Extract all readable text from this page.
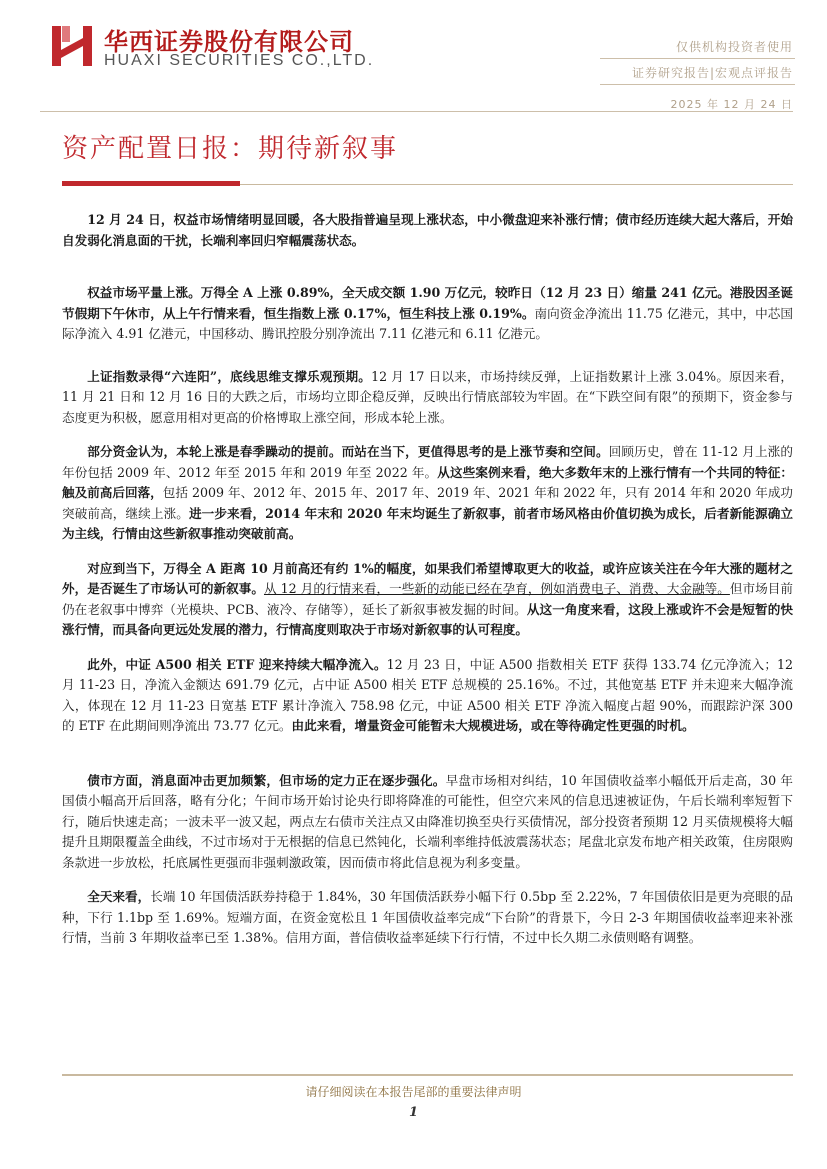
华西证券股份有限公司
HUAXI SECURITIES CO.,LTD.
仅供机构投资者使用
证券研究报告|宏观点评报告
2025 年 12 月 24 日
资产配置日报：期待新叙事

12 月 24 日，权益市场情绪明显回暖，各大股指普遍呈现上涨状态，中小微盘迎来补涨行情；债市经历连续大起大落后，开始自发弱化消息面的干扰，长端利率回归窄幅震荡状态。

权益市场平量上涨。万得全 A 上涨 0.89%，全天成交额 1.90 万亿元，较昨日（12 月 23 日）缩量 241 亿元。港股因圣诞节假期下午休市，从上午行情来看，恒生指数上涨 0.17%，恒生科技上涨 0.19%。南向资金净流出 11.75 亿港元，其中，中芯国际净流入 4.91 亿港元，中国移动、腾讯控股分别净流出 7.11 亿港元和 6.11 亿港元。

上证指数录得“六连阳”，底线思维支撑乐观预期。12 月 17 日以来，市场持续反弹，上证指数累计上涨 3.04%。原因来看，11 月 21 日和 12 月 16 日的大跌之后，市场均立即企稳反弹，反映出行情底部较为牢固。在“下跌空间有限”的预期下，资金参与态度更为积极，愿意用相对更高的价格博取上涨空间，形成本轮上涨。

部分资金认为，本轮上涨是春季躁动的提前。而站在当下，更值得思考的是上涨节奏和空间。回顾历史，曾在 11-12 月上涨的年份包括 2009 年、2012 年至 2015 年和 2019 年至 2022 年。从这些案例来看，绝大多数年末的上涨行情有一个共同的特征：触及前高后回落，包括 2009 年、2012 年、2015 年、2017 年、2019 年、2021 年和 2022 年，只有 2014 年和 2020 年成功突破前高，继续上涨。进一步来看，2014 年末和 2020 年末均诞生了新叙事，前者市场风格由价值切换为成长，后者新能源确立为主线，行情由这些新叙事推动突破前高。

对应到当下，万得全 A 距离 10 月前高还有约 1%的幅度，如果我们希望博取更大的收益，或许应该关注在今年大涨的题材之外，是否诞生了市场认可的新叙事。从 12 月的行情来看，一些新的动能已经在孕育，例如消费电子、消费、大金融等。但市场目前仍在老叙事中博弈（光模块、PCB、液冷、存储等），延长了新叙事被发掘的时间。从这一角度来看，这段上涨或许不会是短暂的快涨行情，而具备向更远处发展的潜力，行情高度则取决于市场对新叙事的认可程度。

此外，中证 A500 相关 ETF 迎来持续大幅净流入。12 月 23 日，中证 A500 指数相关 ETF 获得 133.74 亿元净流入；12 月 11-23 日，净流入金额达 691.79 亿元，占中证 A500 相关 ETF 总规模的 25.16%。不过，其他宽基 ETF 并未迎来大幅净流入，体现在 12 月 11-23 日宽基 ETF 累计净流入 758.98 亿元，中证 A500 相关 ETF 净流入幅度占超 90%，而跟踪沪深 300 的 ETF 在此期间则净流出 73.77 亿元。由此来看，增量资金可能暂未大规模进场，或在等待确定性更强的时机。

债市方面，消息面冲击更加频繁，但市场的定力正在逐步强化。早盘市场相对纠结，10 年国债收益率小幅低开后走高，30 年国债小幅高开后回落，略有分化；午间市场开始讨论央行即将降准的可能性，但空穴来风的信息迅速被证伪，午后长端利率短暂下行，随后快速走高；一波未平一波又起，两点左右债市关注点又由降准切换至央行买债情况，部分投资者预期 12 月买债规模将大幅提升且期限覆盖全曲线，不过市场对于无根据的信息已然钝化，长端利率维持低波震荡状态；尾盘北京发布地产相关政策，住房限购条款进一步放松，托底属性更强而非强刺激政策，因而债市将此信息视为利多变量。

全天来看，长端 10 年国债活跃券持稳于 1.84%，30 年国债活跃券小幅下行 0.5bp 至 2.22%，7 年国债依旧是更为亮眼的品种，下行 1.1bp 至 1.69%。短端方面，在资金宽松且 1 年国债收益率完成“下台阶”的背景下，今日 2-3 年期国债收益率迎来补涨行情，当前 3 年期收益率已至 1.38%。信用方面，普信债收益率延续下行行情，不过中长久期二永债则略有调整。

请仔细阅读在本报告尾部的重要法律声明
1
